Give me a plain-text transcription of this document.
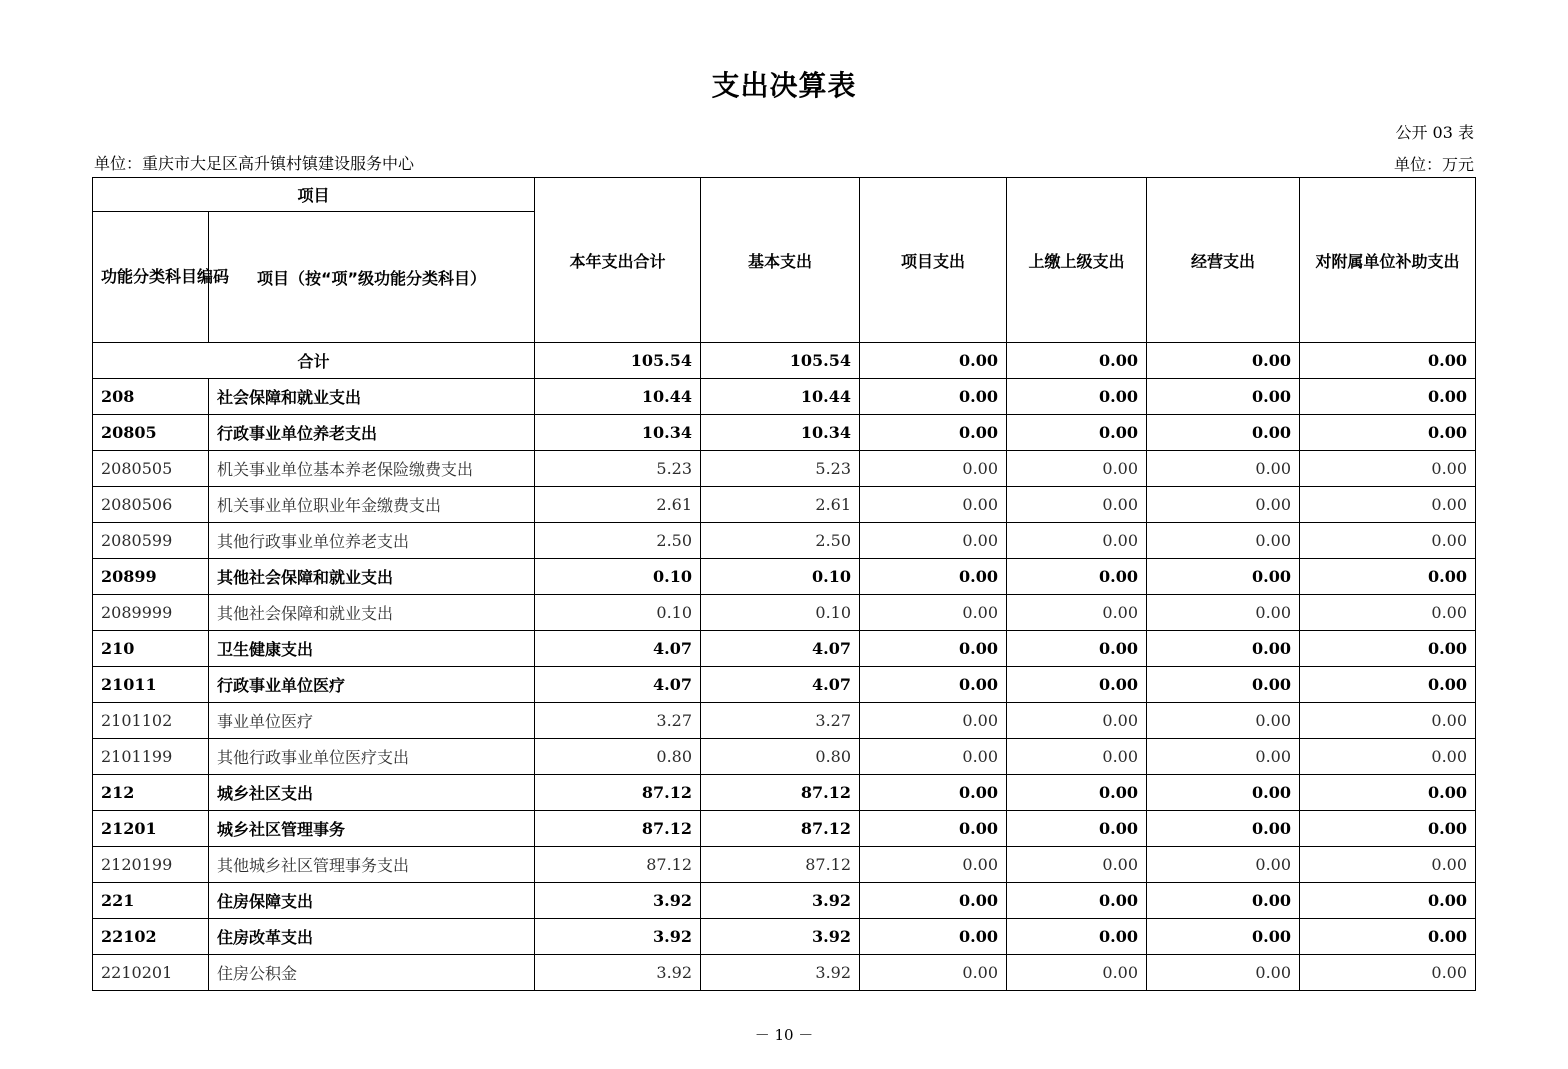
支出决算表
公开 03 表
单位：重庆市大足区高升镇村镇建设服务中心	单位：万元
项目		本年支出合计	基本支出	项目支出	上缴上级支出	经营支出	对附属单位补助支出
功能分类科目编码	项目（按“项”级功能分类科目）						
合计		105.54	105.54	0.00	0.00	0.00	0.00
208	社会保障和就业支出	10.44	10.44	0.00	0.00	0.00	0.00
20805	行政事业单位养老支出	10.34	10.34	0.00	0.00	0.00	0.00
2080505	机关事业单位基本养老保险缴费支出	5.23	5.23	0.00	0.00	0.00	0.00
2080506	机关事业单位职业年金缴费支出	2.61	2.61	0.00	0.00	0.00	0.00
2080599	其他行政事业单位养老支出	2.50	2.50	0.00	0.00	0.00	0.00
20899	其他社会保障和就业支出	0.10	0.10	0.00	0.00	0.00	0.00
2089999	其他社会保障和就业支出	0.10	0.10	0.00	0.00	0.00	0.00
210	卫生健康支出	4.07	4.07	0.00	0.00	0.00	0.00
21011	行政事业单位医疗	4.07	4.07	0.00	0.00	0.00	0.00
2101102	事业单位医疗	3.27	3.27	0.00	0.00	0.00	0.00
2101199	其他行政事业单位医疗支出	0.80	0.80	0.00	0.00	0.00	0.00
212	城乡社区支出	87.12	87.12	0.00	0.00	0.00	0.00
21201	城乡社区管理事务	87.12	87.12	0.00	0.00	0.00	0.00
2120199	其他城乡社区管理事务支出	87.12	87.12	0.00	0.00	0.00	0.00
221	住房保障支出	3.92	3.92	0.00	0.00	0.00	0.00
22102	住房改革支出	3.92	3.92	0.00	0.00	0.00	0.00
2210201	住房公积金	3.92	3.92	0.00	0.00	0.00	0.00
－ 10 －
